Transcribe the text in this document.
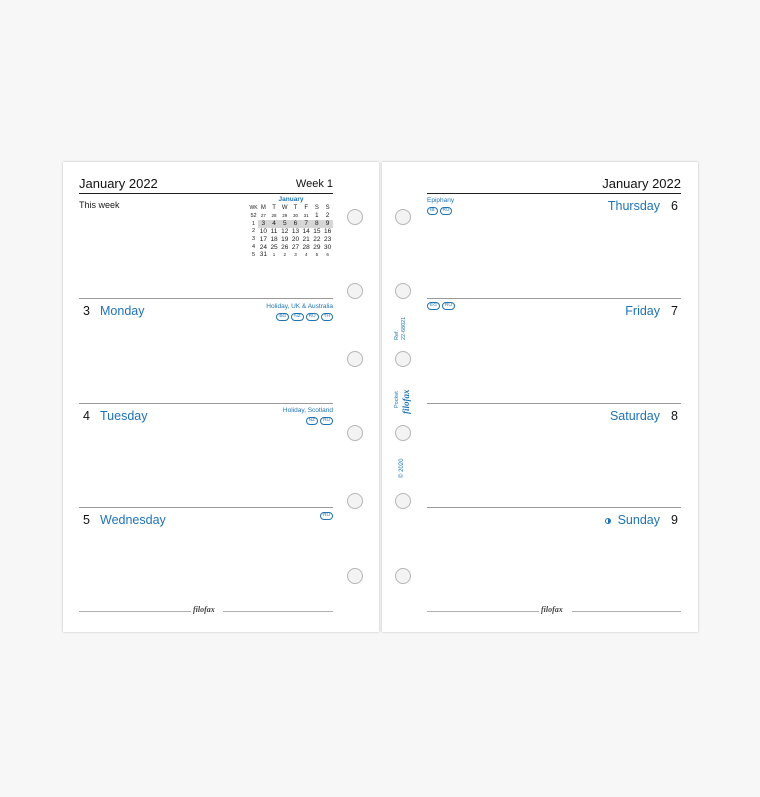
January 2022	Week 1
This week
January
WK	M	T	W	T	F	S	S
52	27	28	29	30	31	1	2
1	3	4	5	6	7	8	9
2	10	11	12	13	14	15	16
3	17	18	19	20	21	22	23
4	24	25	26	27	28	29	30
5	31	1	2	3	4	5	6
3 Monday	Holiday, UK & Australia
BG	NZ	RU	TH
4 Tuesday	Holiday, Scotland
NZ	RU
5 Wednesday	RU
filofax
January 2022
Ref. 22-68021
Pocket filofax
© 2020
Epiphany
IB	RU	Thursday 6
EG	RU	Friday 7
Saturday 8
Sunday 9
filofax
